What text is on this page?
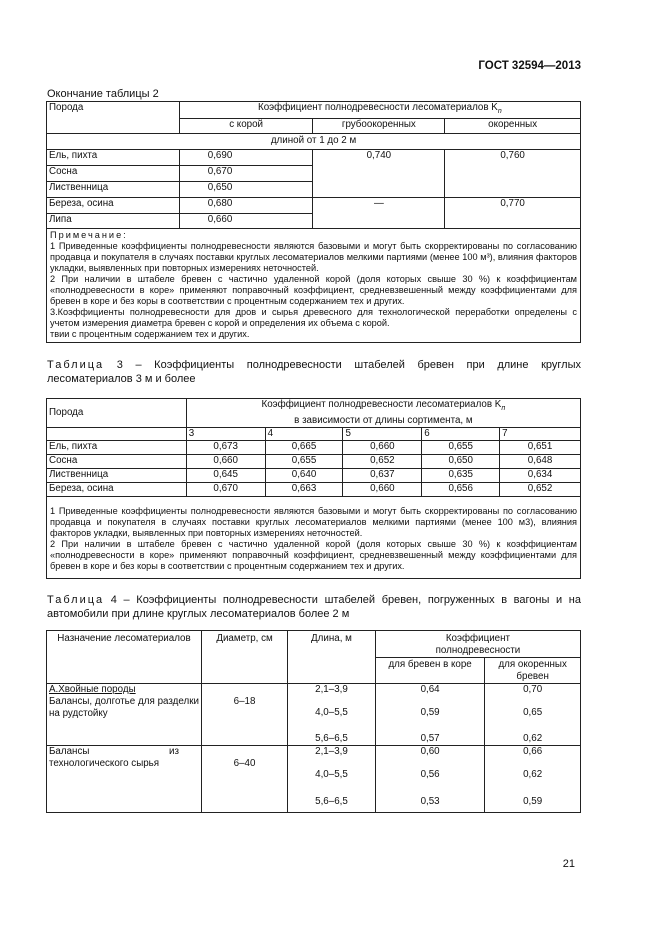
ГОСТ 32594—2013
Окончание таблицы 2
Порода	Коэффициент полнодревесности лесоматериалов $K_n$
	с корой	грубоокоренных	окоренных
длиной от 1 до 2 м			
Ель, пихта	0,690	0,740	0,760
Сосна	0,670		
Лиственница	0,650		
Береза, осина	0,680	—	0,770
Липа	0,660		

Примечание:
1 Приведенные коэффициенты полнодревесности являются базовыми и могут быть скорректированы по согласованию продавца и покупателя в случаях поставки круглых лесоматериалов мелкими партиями (менее 100 м³), влияния факторов укладки, выявленных при повторных измерениях неточностей.
2 При наличии в штабеле бревен с частично удаленной корой (доля которых свыше 30 %) к коэффициентам «полнодревесности в коре» применяют поправочный коэффициент, средневзвешенный между коэффициентами для бревен в коре и без коры в соответствии с процентным содержанием тех и других.
3.Коэффициенты полнодревесности для дров и сырья древесного для технологической переработки определены с учетом измерения диаметра бревен с корой и определения их объема с корой.
твии с процентным содержанием тех и других.			
Таблица 3 – Коэффициенты полнодревесности штабелей бревен при длине круглых лесоматериалов 3 м и более
Порода	Коэффициент полнодревесности лесоматериалов $K_п$
в зависимости от длины сортимента, м				
	3	4	5	6	7
Ель, пихта	0,673	0,665	0,660	0,655	0,651
Сосна	0,660	0,655	0,652	0,650	0,648
Лиственница	0,645	0,640	0,637	0,635	0,634
Береза, осина	0,670	0,663	0,660	0,656	0,652

1 Приведенные коэффициенты полнодревесности являются базовыми и могут быть скорректированы по согласованию продавца и покупателя в случаях поставки круглых лесоматериалов мелкими партиями (менее 100 м3), влияния факторов укладки, выявленных при повторных измерениях неточностей.
2 При наличии в штабеле бревен с частично удаленной корой (доля которых свыше 30 %) к коэффициентам «полнодревесности в коре» применяют поправочный коэффициент, средневзвешенный между коэффициентами для бревен в коре и без коры в соответствии с процентным содержанием тех и других.					
Таблица 4 – Коэффициенты полнодревесности штабелей бревен, погруженных в вагоны и на автомобили при длине круглых лесоматериалов более 2 м
Назначение лесоматериалов	Диаметр, см	Длина, м	Коэффициент полнодревесности	
			для бревен в коре	для окоренных бревен

А.Хвойные породы
Балансы, долготье для разделки на рудстойку	6–18	2,1–3,9	0,64	0,70
		4,0–5,5	0,59	0,65
		5,6–6,5	0,57	0,62

Балансы из технологического сырья	6–40	2,1–3,9	0,60	0,66
		4,0–5,5	0,56	0,62
		5,6–6,5	0,53	0,59
21
